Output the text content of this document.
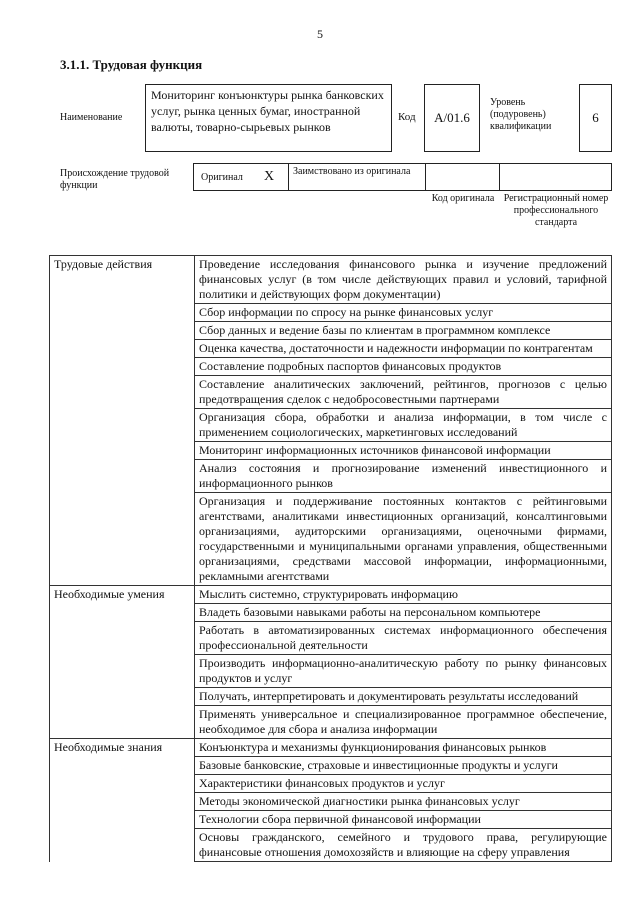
5
3.1.1. Трудовая функция
Наименование
Мониторинг конъюнктуры рынка банковских услуг, рынка ценных бумаг, иностранной валюты, товарно-сырьевых рынков
Код	A/01.6
Уровень (подуровень) квалификации
6
Происхождение трудовой функции
Оригинал X	Заимствовано из оригинала
Код оригинала Регистрационный номер профессионального стандарта
Трудовые действия	Проведение исследования финансового рынка и изучение предложений финансовых услуг (в том числе действующих правил и условий, тарифной политики и действующих форм документации)
	Сбор информации по спросу на рынке финансовых услуг
	Сбор данных и ведение базы по клиентам в программном комплексе
	Оценка качества, достаточности и надежности информации по контрагентам
	Составление подробных паспортов финансовых продуктов
	Составление аналитических заключений, рейтингов, прогнозов с целью предотвращения сделок с недобросовестными партнерами
	Организация сбора, обработки и анализа информации, в том числе с применением социологических, маркетинговых исследований
	Мониторинг информационных источников финансовой информации
	Анализ состояния и прогнозирование изменений инвестиционного и информационного рынков
	Организация и поддерживание постоянных контактов с рейтинговыми агентствами, аналитиками инвестиционных организаций, консалтинговыми организациями, аудиторскими организациями, оценочными фирмами, государственными и муниципальными органами управления, общественными организациями, средствами массовой информации, информационными, рекламными агентствами
Необходимые умения	Мыслить системно, структурировать информацию
	Владеть базовыми навыками работы на персональном компьютере
	Работать в автоматизированных системах информационного обеспечения профессиональной деятельности
	Производить информационно-аналитическую работу по рынку финансовых продуктов и услуг
	Получать, интерпретировать и документировать результаты исследований
	Применять универсальное и специализированное программное обеспечение, необходимое для сбора и анализа информации
Необходимые знания	Конъюнктура и механизмы функционирования финансовых рынков
	Базовые банковские, страховые и инвестиционные продукты и услуги
	Характеристики финансовых продуктов и услуг
	Методы экономической диагностики рынка финансовых услуг
	Технологии сбора первичной финансовой информации
	Основы гражданского, семейного и трудового права, регулирующие финансовые отношения домохозяйств и влияющие на сферу управления
